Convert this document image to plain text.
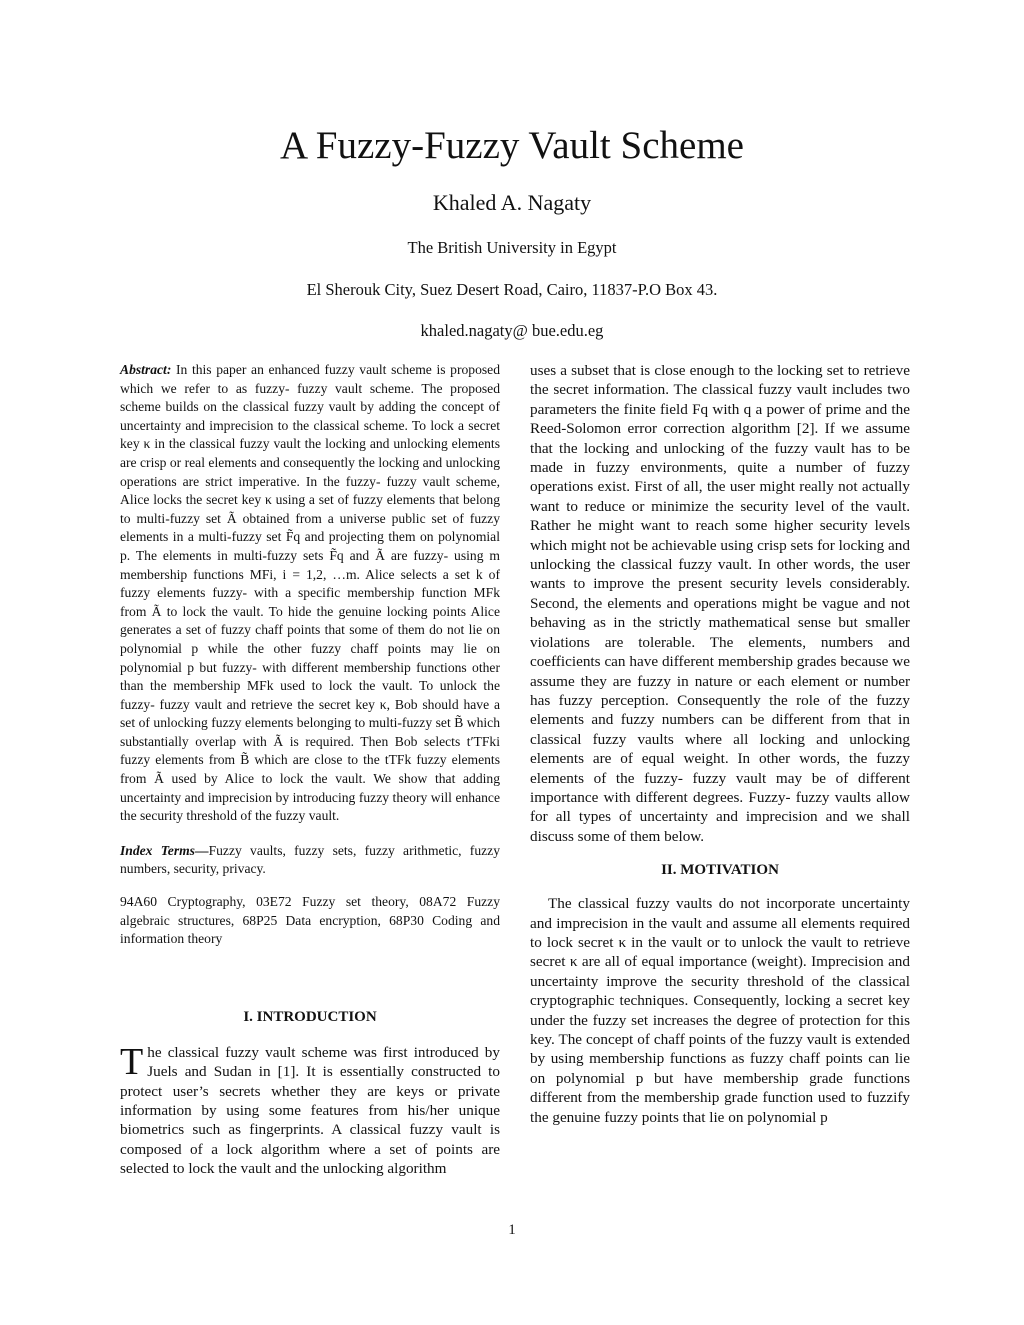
A Fuzzy-Fuzzy Vault Scheme
Khaled A. Nagaty
The British University in Egypt
El Sherouk City, Suez Desert Road, Cairo, 11837-P.O Box 43.
khaled.nagaty@ bue.edu.eg

Abstract: In this paper an enhanced fuzzy vault scheme is proposed which we refer to as fuzzy- fuzzy vault scheme. The proposed scheme builds on the classical fuzzy vault by adding the concept of uncertainty and imprecision to the classical scheme. To lock a secret key κ in the classical fuzzy vault the locking and unlocking elements are crisp or real elements and consequently the locking and unlocking operations are strict imperative. In the fuzzy- fuzzy vault scheme, Alice locks the secret key κ using a set of fuzzy elements that belong to multi-fuzzy set Ã obtained from a universe public set of fuzzy elements in a multi-fuzzy set F̃q and projecting them on polynomial p. The elements in multi-fuzzy sets F̃q and Ã are fuzzy- using m membership functions MFi, i = 1,2, …m. Alice selects a set k of fuzzy elements fuzzy- with a specific membership function MFk from Ã to lock the vault. To hide the genuine locking points Alice generates a set of fuzzy chaff points that some of them do not lie on polynomial p while the other fuzzy chaff points may lie on polynomial p but fuzzy- with different membership functions other than the membership MFk used to lock the vault. To unlock the fuzzy- fuzzy vault and retrieve the secret key κ, Bob should have a set of unlocking fuzzy elements belonging to multi-fuzzy set B̃ which substantially overlap with Ã is required. Then Bob selects t′TFki fuzzy elements from B̃ which are close to the tTFk fuzzy elements from Ã used by Alice to lock the vault. We show that adding uncertainty and imprecision by introducing fuzzy theory will enhance the security threshold of the fuzzy vault.

Index Terms—Fuzzy vaults, fuzzy sets, fuzzy arithmetic, fuzzy numbers, security, privacy.

94A60 Cryptography, 03E72 Fuzzy set theory, 08A72 Fuzzy algebraic structures, 68P25 Data encryption, 68P30 Coding and information theory

I. INTRODUCTION

The classical fuzzy vault scheme was first introduced by Juels and Sudan in [1]. It is essentially constructed to protect user’s secrets whether they are keys or private information by using some features from his/her unique biometrics such as fingerprints. A classical fuzzy vault is composed of a lock algorithm where a set of points are selected to lock the vault and the unlocking algorithm

uses a subset that is close enough to the locking set to retrieve the secret information. The classical fuzzy vault includes two parameters the finite field Fq with q a power of prime and the Reed-Solomon error correction algorithm [2]. If we assume that the locking and unlocking of the fuzzy vault has to be made in fuzzy environments, quite a number of fuzzy operations exist. First of all, the user might really not actually want to reduce or minimize the security level of the vault. Rather he might want to reach some higher security levels which might not be achievable using crisp sets for locking and unlocking the classical fuzzy vault. In other words, the user wants to improve the present security levels considerably. Second, the elements and operations might be vague and not behaving as in the strictly mathematical sense but smaller violations are tolerable. The elements, numbers and coefficients can have different membership grades because we assume they are fuzzy in nature or each element or number has fuzzy perception. Consequently the role of the fuzzy elements and fuzzy numbers can be different from that in classical fuzzy vaults where all locking and unlocking elements are of equal weight. In other words, the fuzzy elements of the fuzzy- fuzzy vault may be of different importance with different degrees. Fuzzy- fuzzy vaults allow for all types of uncertainty and imprecision and we shall discuss some of them below.

II. MOTIVATION

The classical fuzzy vaults do not incorporate uncertainty and imprecision in the vault and assume all elements required to lock secret κ in the vault or to unlock the vault to retrieve secret κ are all of equal importance (weight). Imprecision and uncertainty improve the security threshold of the classical cryptographic techniques. Consequently, locking a secret key under the fuzzy set increases the degree of protection for this key. The concept of chaff points of the fuzzy vault is extended by using membership functions as fuzzy chaff points can lie on polynomial p but have membership grade functions different from the membership grade function used to fuzzify the genuine fuzzy points that lie on polynomial p

1
